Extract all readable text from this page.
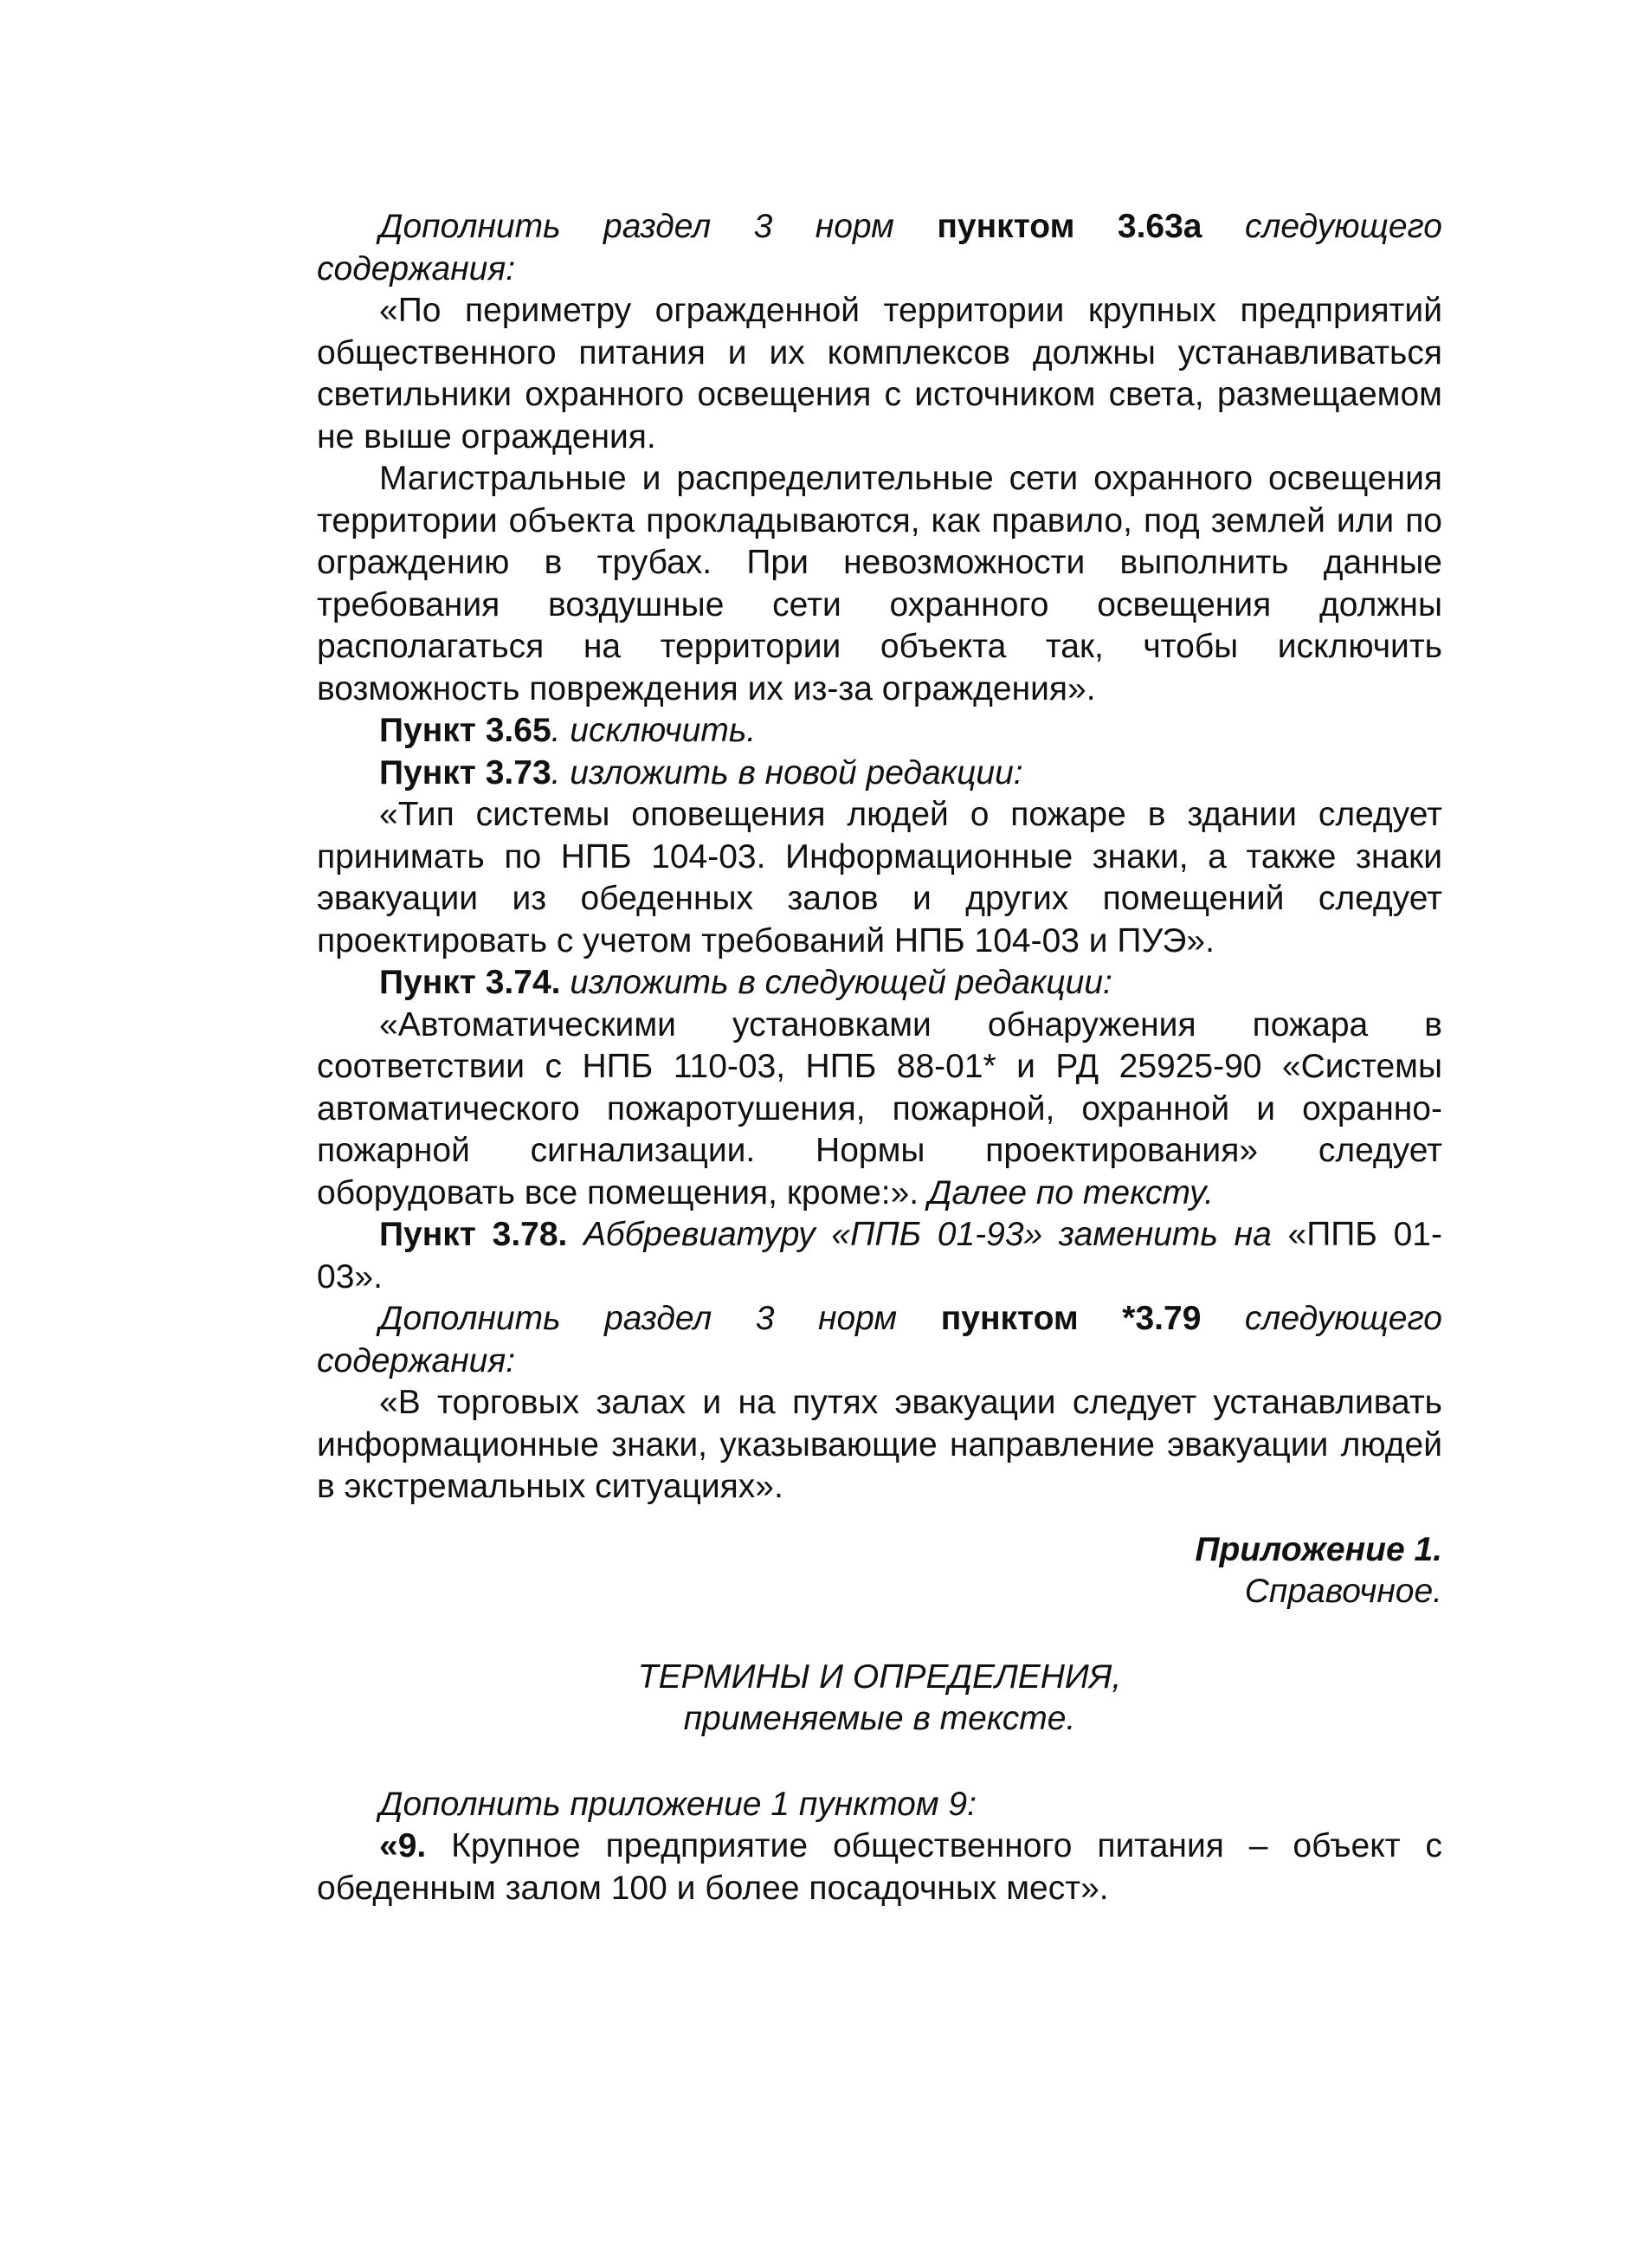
Дополнить раздел 3 норм пунктом 3.63а следующего содержания:

«По периметру огражденной территории крупных предприятий общественного питания и их комплексов должны устанавливаться светильники охранного освещения с источником света, размещаемом не выше ограждения.

Магистральные и распределительные сети охранного освещения территории объекта прокладываются, как правило, под землей или по ограждению в трубах. При невозможности выполнить данные требования воздушные сети охранного освещения должны располагаться на территории объекта так, чтобы исключить возможность повреждения их из-за ограждения».

Пункт 3.65. исключить.

Пункт 3.73. изложить в новой редакции:

«Тип системы оповещения людей о пожаре в здании следует принимать по НПБ 104-03. Информационные знаки, а также знаки эвакуации из обеденных залов и других помещений следует проектировать с учетом требований НПБ 104-03 и ПУЭ».

Пункт 3.74. изложить в следующей редакции:

«Автоматическими установками обнаружения пожара в соответствии с НПБ 110-03, НПБ 88-01* и РД 25925-90 «Системы автоматического пожаротушения, пожарной, охранной и охранно-пожарной сигнализации. Нормы проектирования» следует оборудовать все помещения, кроме:». Далее по тексту.

Пункт 3.78. Аббревиатуру «ППБ 01-93» заменить на «ППБ 01-03».

Дополнить раздел 3 норм пунктом *3.79 следующего содержания:

«В торговых залах и на путях эвакуации следует устанавливать информационные знаки, указывающие направление эвакуации людей в экстремальных ситуациях».

Приложение 1.

Справочное.

ТЕРМИНЫ И ОПРЕДЕЛЕНИЯ,

применяемые в тексте.

Дополнить приложение 1 пунктом 9:

«9. Крупное предприятие общественного питания – объект с обеденным залом 100 и более посадочных мест».
